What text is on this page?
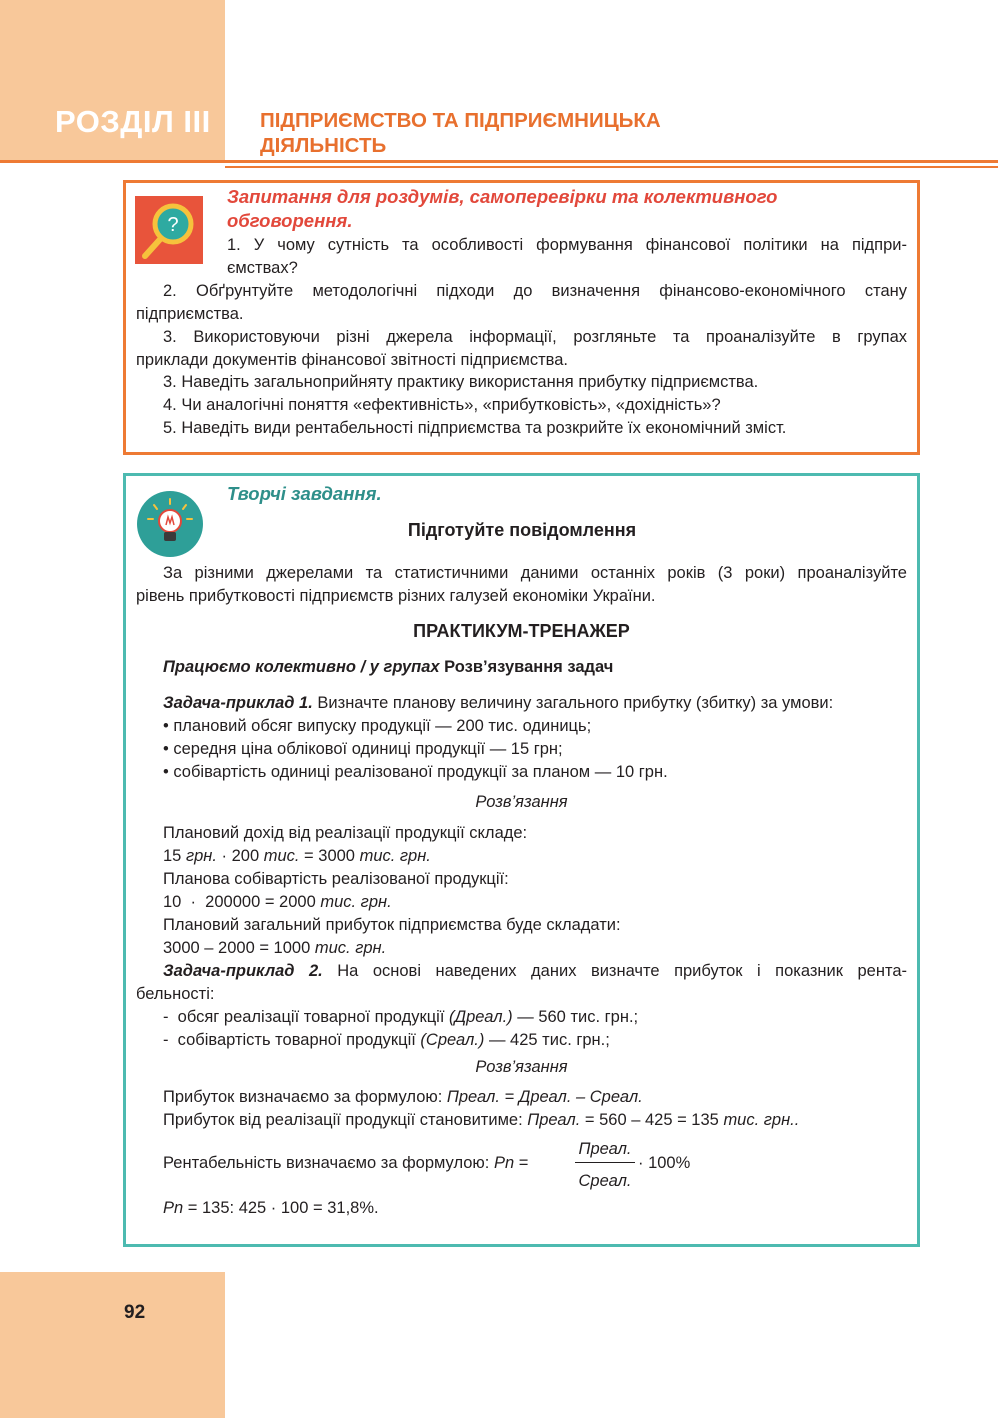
РОЗДІЛ ІІІ ПІДПРИЄМСТВО ТА ПІДПРИЄМНИЦЬКА
ДІЯЛЬНІСТЬ
?
Запитання для роздумів, самоперевірки та колективного
обговорення.
1. У чому сутність та особливості формування фінансової політики на підпри-
ємствах?
2. Обґрунтуйте методологічні підходи до визначення фінансово-економічного стану
підприємства.
3. Використовуючи різні джерела інформації, розгляньте та проаналізуйте в групах
приклади документів фінансової звітності підприємства.
3. Наведіть загальноприйняту практику використання прибутку підприємства.
4. Чи аналогічні поняття «ефективність», «прибутковість», «дохідність»?
5. Наведіть види рентабельності підприємства та розкрийте їх економічний зміст.
Творчі завдання.
Підготуйте повідомлення
За різними джерелами та статистичними даними останніх років (3 роки) проаналізуйте
рівень прибутковості підприємств різних галузей економіки України.
ПРАКТИКУМ-ТРЕНАЖЕР
Працюємо колективно / у групах Розв’язування задач
Задача-приклад 1. Визначте планову величину загального прибутку (збитку) за умови:
• плановий обсяг випуску продукції — 200 тис. одиниць;
• середня ціна облікової одиниці продукції — 15 грн;
• собівартість одиниці реалізованої продукції за планом — 10 грн.
Розв’язання
Плановий дохід від реалізації продукції складе:
15 грн. · 200 тис. = 3000 тис. грн.
Планова собівартість реалізованої продукції:
10  ·  200000 = 2000 тис. грн.
Плановий загальний прибуток підприємства буде складати:
3000 – 2000 = 1000 тис. грн.
Задача-приклад 2. На основі наведених даних визначте прибуток і показник рента-
бельності:
-  обсяг реалізації товарної продукції (Дреал.) — 560 тис. грн.;
-  собівартість товарної продукції (Среал.) — 425 тис. грн.;
Розв’язання
Прибуток визначаємо за формулою: Преал. = Дреал. – Среал.
Прибуток від реалізації продукції становитиме: Преал. = 560 – 425 = 135 тис. грн..
Рентабельність визначаємо за формулою: Pn =
Преал.
Среал.
· 100%
Pn = 135: 425 · 100 = 31,8%.
92
